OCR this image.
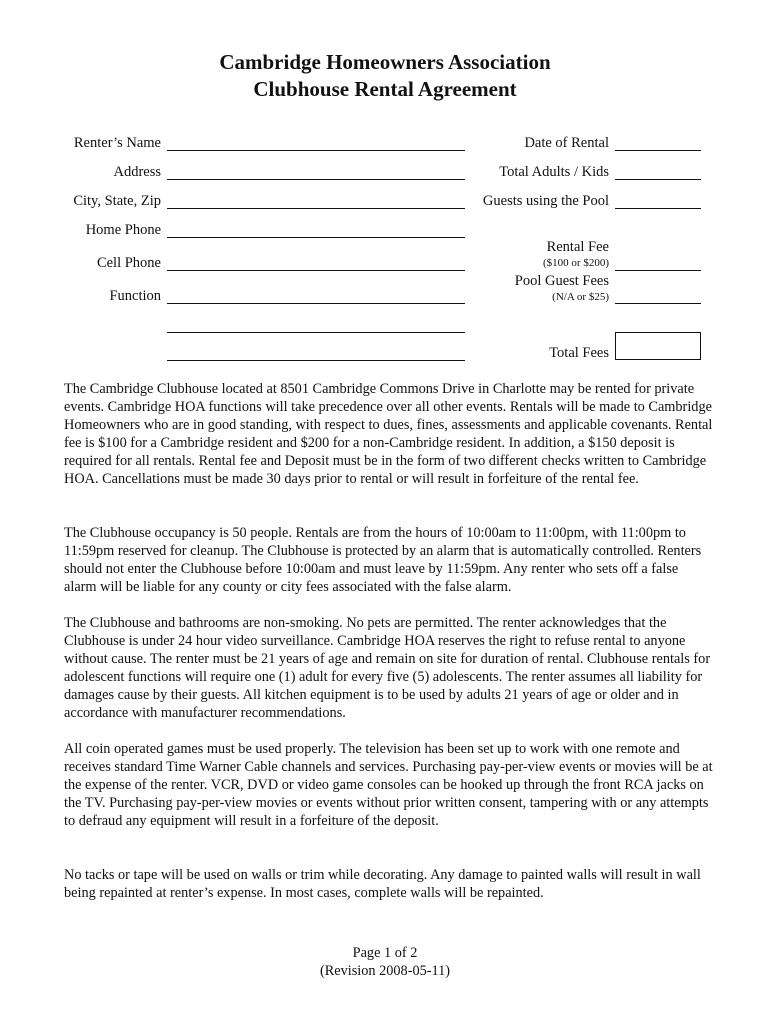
Cambridge Homeowners Association
Clubhouse Rental Agreement
Renter’s Name
Address
City, State, Zip
Home Phone
Cell Phone
Function
Date of Rental
Total Adults / Kids
Guests using the Pool
Rental Fee
($100 or $200)
Pool Guest Fees
(N/A or $25)
Total Fees

The Cambridge Clubhouse located at 8501 Cambridge Commons Drive in Charlotte may be rented for private events. Cambridge HOA functions will take precedence over all other events. Rentals will be made to Cambridge Homeowners who are in good standing, with respect to dues, fines, assessments and applicable covenants. Rental fee is $100 for a Cambridge resident and $200 for a non-Cambridge resident. In addition, a $150 deposit is required for all rentals. Rental fee and Deposit must be in the form of two different checks written to Cambridge HOA. Cancellations must be made 30 days prior to rental or will result in forfeiture of the rental fee.

The Clubhouse occupancy is 50 people. Rentals are from the hours of 10:00am to 11:00pm, with 11:00pm to 11:59pm reserved for cleanup. The Clubhouse is protected by an alarm that is automatically controlled. Renters should not enter the Clubhouse before 10:00am and must leave by 11:59pm. Any renter who sets off a false alarm will be liable for any county or city fees associated with the false alarm.

The Clubhouse and bathrooms are non-smoking. No pets are permitted. The renter acknowledges that the Clubhouse is under 24 hour video surveillance. Cambridge HOA reserves the right to refuse rental to anyone without cause. The renter must be 21 years of age and remain on site for duration of rental. Clubhouse rentals for adolescent functions will require one (1) adult for every five (5) adolescents. The renter assumes all liability for damages cause by their guests. All kitchen equipment is to be used by adults 21 years of age or older and in accordance with manufacturer recommendations.

All coin operated games must be used properly. The television has been set up to work with one remote and receives standard Time Warner Cable channels and services. Purchasing pay-per-view events or movies will be at the expense of the renter. VCR, DVD or video game consoles can be hooked up through the front RCA jacks on the TV. Purchasing pay-per-view movies or events without prior written consent, tampering with or any attempts to defraud any equipment will result in a forfeiture of the deposit.

No tacks or tape will be used on walls or trim while decorating. Any damage to painted walls will result in wall being repainted at renter’s expense. In most cases, complete walls will be repainted.

Page 1 of 2
(Revision 2008-05-11)
